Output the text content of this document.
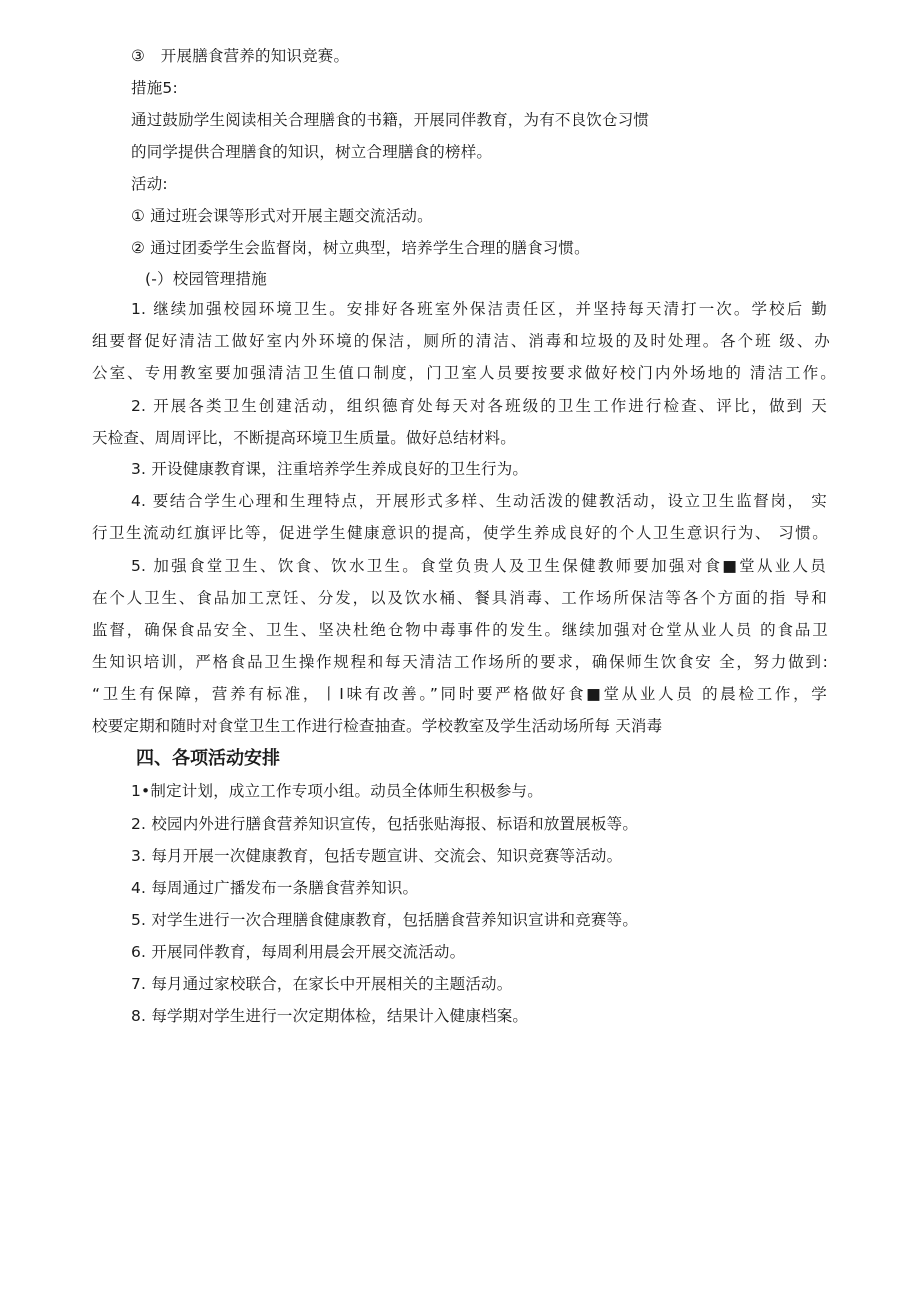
③　开展膳食营养的知识竞赛。
措施5:
通过鼓励学生阅读相关合理膳食的书籍，开展同伴教育，为有不良饮仓习惯
的同学提供合理膳食的知识，树立合理膳食的榜样。
活动:
① 通过班会课等形式对开展主题交流活动。
② 通过团委学生会监督岗，树立典型，培养学生合理的膳食习惯。
(-）校园管理措施
1. 继续加强校园环境卫生。安排好各班室外保洁责任区，并坚持每天清打一次。学校后 勤
组要督促好清洁工做好室内外环境的保洁，厕所的清洁、消毒和垃圾的及时处理。各个班 级、办
公室、专用教室要加强清洁卫生值口制度，门卫室人员要按要求做好校门内外场地的 清洁工作。
2. 开展各类卫生创建活动，组织德育处每天对各班级的卫生工作进行检查、评比，做到 天
天检查、周周评比，不断提高环境卫生质量。做好总结材料。
3. 开设健康教育课，注重培养学生养成良好的卫生行为。
4. 要结合学生心理和生理特点，开展形式多样、生动活泼的健教活动，设立卫生监督岗， 实
行卫生流动红旗评比等，促进学生健康意识的提高，使学生养成良好的个人卫生意识行为、 习惯。
5. 加强食堂卫生、饮食、饮水卫生。食堂负贵人及卫生保健教师要加强对食■堂从业人员
在个人卫生、食品加工烹饪、分发，以及饮水桶、餐具消毒、工作场所保洁等各个方面的指 导和
监督，确保食品安全、卫生、坚决杜绝仓物中毒事件的发生。继续加强对仓堂从业人员 的食品卫
生知识培训，严格食品卫生操作规程和每天清洁工作场所的要求，确保师生饮食安 全，努力做到:
“卫生有保障，营养有标准，丨I味有改善。”同时要严格做好食■堂从业人员 的晨检工作，学
校要定期和随时对食堂卫生工作进行检查抽查。学校教室及学生活动场所每 天消毒
四、各项活动安排
1•制定计划，成立工作专项小组。动员全体师生积极参与。
2. 校园内外进行膳食营养知识宣传，包括张贴海报、标语和放置展板等。
3. 每月开展一次健康教育，包括专题宣讲、交流会、知识竞赛等活动。
4. 每周通过广播发布一条膳食营养知识。
5. 对学生进行一次合理膳食健康教育，包括膳食营养知识宣讲和竞赛等。
6. 开展同伴教育，每周利用晨会开展交流活动。
7. 每月通过家校联合，在家长中开展相关的主题活动。
8. 每学期对学生进行一次定期体检，结果计入健康档案。
